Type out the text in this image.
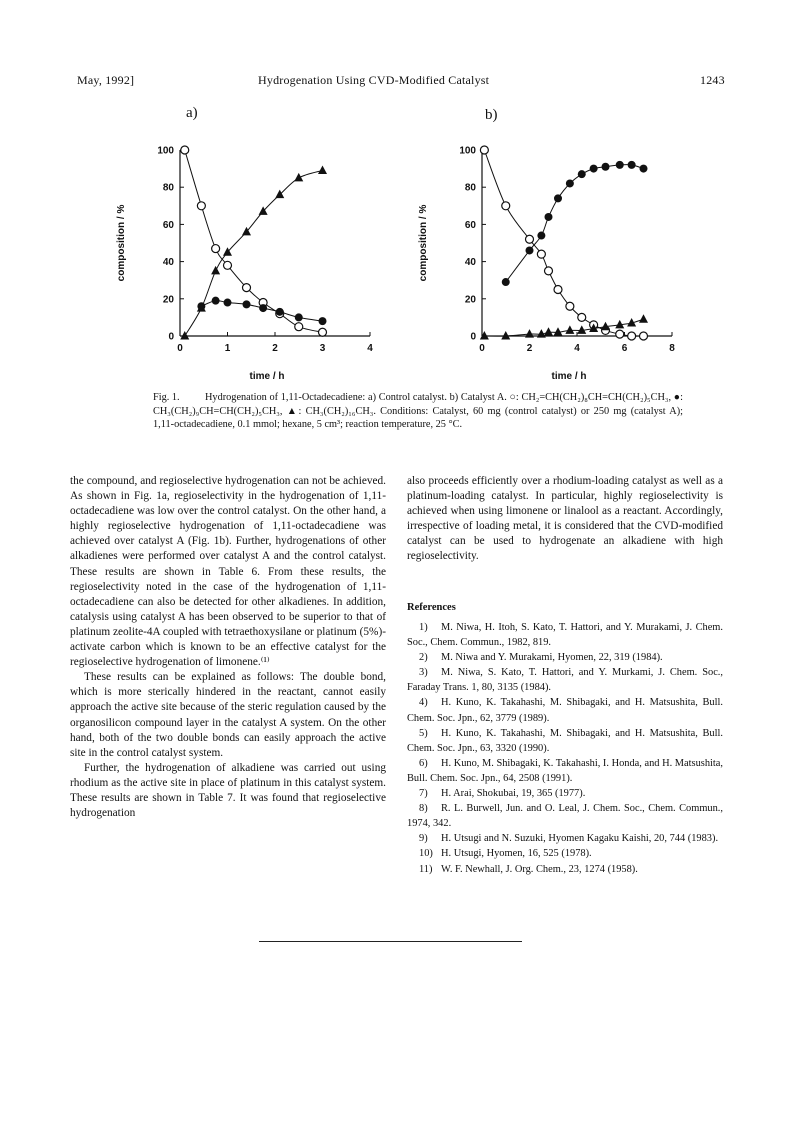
May, 1992]	Hydrogenation Using CVD-Modified Catalyst	1243
a)	b)
0	1	2	3	4
0
20
40
60
80
100
time / h
composition / %
0	2	4	6	8
0
20
40
60
80
100
time / h
composition / %
Fig. 1. Hydrogenation of 1,11-Octadecadiene: a) Control catalyst. b) Catalyst A. ○: CH₂=CH(CH₂)₈CH=CH(CH₂)₅CH₃, ●: CH₃(CH₂)₉CH=CH(CH₂)₅CH₃, ▲: CH₃(CH₂)₁₆CH₃. Conditions: Catalyst, 60 mg (control catalyst) or 250 mg (catalyst A); 1,11-octadecadiene, 0.1 mmol; hexane, 5 cm³; reaction temperature, 25 °C.

the compound, and regioselective hydrogenation can not be achieved. As shown in Fig. 1a, regioselectivity in the hydrogenation of 1,11-octadecadiene was low over the control catalyst. On the other hand, a highly regioselective hydrogenation of 1,11-octadecadiene was achieved over catalyst A (Fig. 1b). Further, hydrogenations of other alkadienes were performed over catalyst A and the control catalyst. These results are shown in Table 6. From these results, the regioselectivity noted in the case of the hydrogenation of 1,11-octadecadiene can also be detected for other alkadienes. In addition, catalysis using catalyst A has been observed to be superior to that of platinum zeolite-4A coupled with tetraethoxysilane or platinum (5%)-activate carbon which is known to be an effective catalyst for the regioselective hydrogenation of limonene.⁽¹⁾

These results can be explained as follows: The double bond, which is more sterically hindered in the reactant, cannot easily approach the active site because of the steric regulation caused by the organosilicon compound layer in the catalyst A system. On the other hand, both of the two double bonds can easily approach the active site in the control catalyst system.

Further, the hydrogenation of alkadiene was carried out using rhodium as the active site in place of platinum in this catalyst system. These results are shown in Table 7. It was found that regioselective hydrogenation

also proceeds efficiently over a rhodium-loading catalyst as well as a platinum-loading catalyst. In particular, highly regioselectivity is achieved when using limonene or linalool as a reactant. Accordingly, irrespective of loading metal, it is considered that the CVD-modified catalyst can be used to hydrogenate an alkadiene with high regioselectivity.

References
1) M. Niwa, H. Itoh, S. Kato, T. Hattori, and Y. Murakami, J. Chem. Soc., Chem. Commun., 1982, 819.
2) M. Niwa and Y. Murakami, Hyomen, 22, 319 (1984).
3) M. Niwa, S. Kato, T. Hattori, and Y. Murkami, J. Chem. Soc., Faraday Trans. 1, 80, 3135 (1984).
4) H. Kuno, K. Takahashi, M. Shibagaki, and H. Matsushita, Bull. Chem. Soc. Jpn., 62, 3779 (1989).
5) H. Kuno, K. Takahashi, M. Shibagaki, and H. Matsushita, Bull. Chem. Soc. Jpn., 63, 3320 (1990).
6) H. Kuno, M. Shibagaki, K. Takahashi, I. Honda, and H. Matsushita, Bull. Chem. Soc. Jpn., 64, 2508 (1991).
7) H. Arai, Shokubai, 19, 365 (1977).
8) R. L. Burwell, Jun. and O. Leal, J. Chem. Soc., Chem. Commun., 1974, 342.
9) H. Utsugi and N. Suzuki, Hyomen Kagaku Kaishi, 20, 744 (1983).
10) H. Utsugi, Hyomen, 16, 525 (1978).
11) W. F. Newhall, J. Org. Chem., 23, 1274 (1958).
